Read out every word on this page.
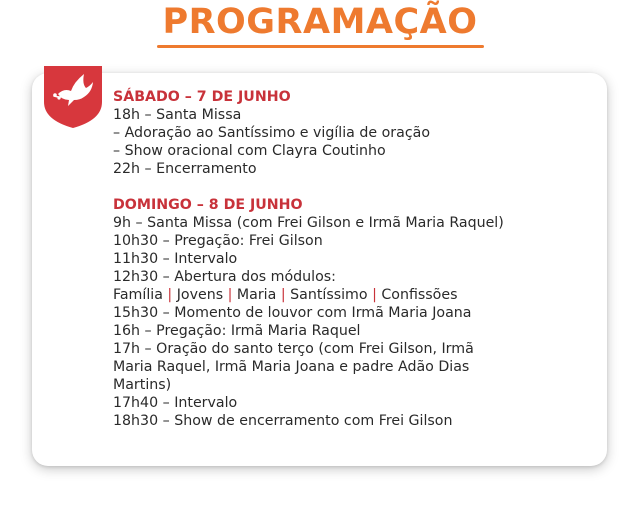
PROGRAMAÇÃO
SÁBADO – 7 DE JUNHO
18h – Santa Missa
– Adoração ao Santíssimo e vigília de oração
– Show oracional com Clayra Coutinho
22h – Encerramento
DOMINGO – 8 DE JUNHO
9h – Santa Missa (com Frei Gilson e Irmã Maria Raquel)
10h30 – Pregação: Frei Gilson
11h30 – Intervalo
12h30 – Abertura dos módulos:
Família | Jovens | Maria | Santíssimo | Confissões
15h30 – Momento de louvor com Irmã Maria Joana
16h – Pregação: Irmã Maria Raquel
17h – Oração do santo terço (com Frei Gilson, Irmã
Maria Raquel, Irmã Maria Joana e padre Adão Dias
Martins)
17h40 – Intervalo
18h30 – Show de encerramento com Frei Gilson
